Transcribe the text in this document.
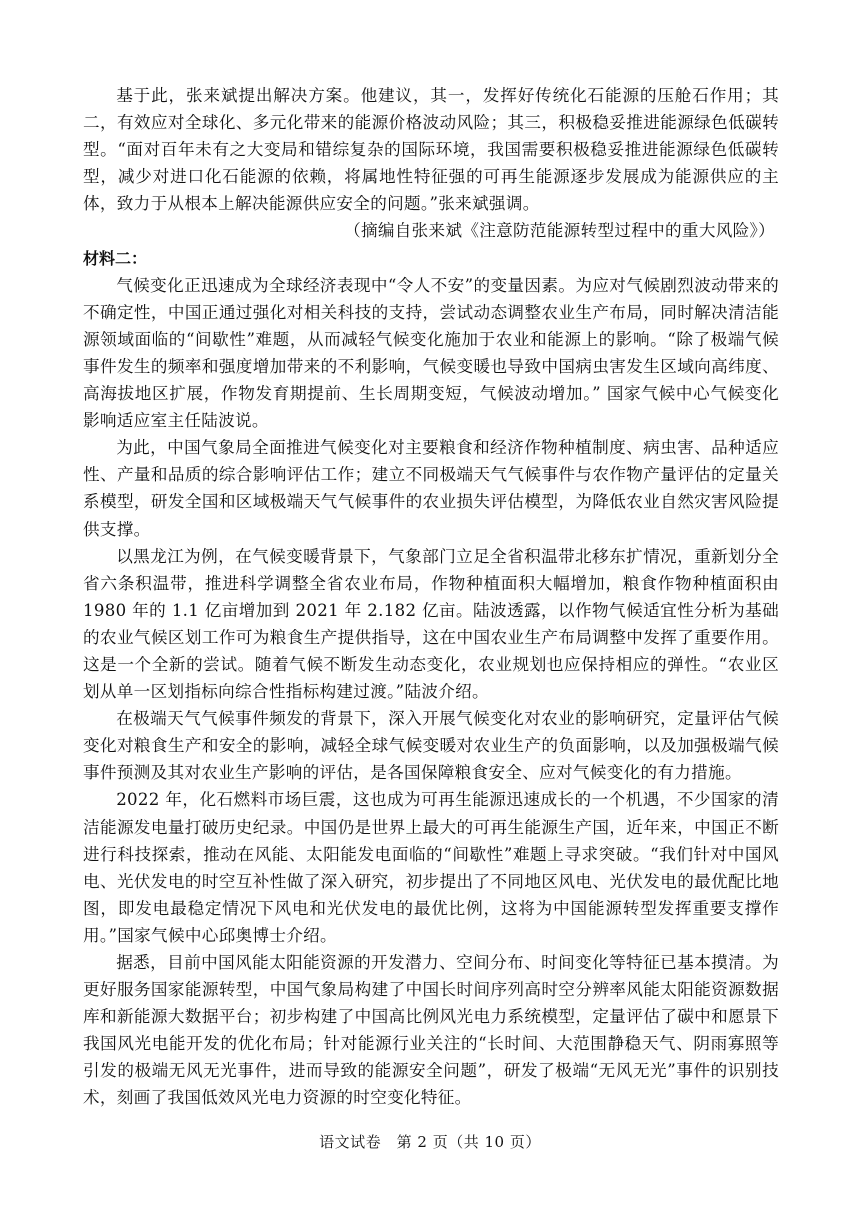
基于此，张来斌提出解决方案。他建议，其一，发挥好传统化石能源的压舱石作用；其二，有效应对全球化、多元化带来的能源价格波动风险；其三，积极稳妥推进能源绿色低碳转型。“面对百年未有之大变局和错综复杂的国际环境，我国需要积极稳妥推进能源绿色低碳转型，减少对进口化石能源的依赖，将属地性特征强的可再生能源逐步发展成为能源供应的主体，致力于从根本上解决能源供应安全的问题。”张来斌强调。

（摘编自张来斌《注意防范能源转型过程中的重大风险》）

材料二：

气候变化正迅速成为全球经济表现中“令人不安”的变量因素。为应对气候剧烈波动带来的不确定性，中国正通过强化对相关科技的支持，尝试动态调整农业生产布局，同时解决清洁能源领域面临的“间歇性”难题，从而减轻气候变化施加于农业和能源上的影响。“除了极端气候事件发生的频率和强度增加带来的不利影响，气候变暖也导致中国病虫害发生区域向高纬度、高海拔地区扩展，作物发育期提前、生长周期变短，气候波动增加。” 国家气候中心气候变化影响适应室主任陆波说。

为此，中国气象局全面推进气候变化对主要粮食和经济作物种植制度、病虫害、品种适应性、产量和品质的综合影响评估工作；建立不同极端天气气候事件与农作物产量评估的定量关系模型，研发全国和区域极端天气气候事件的农业损失评估模型，为降低农业自然灾害风险提供支撑。

以黑龙江为例，在气候变暖背景下，气象部门立足全省积温带北移东扩情况，重新划分全省六条积温带，推进科学调整全省农业布局，作物种植面积大幅增加，粮食作物种植面积由 1980 年的 1.1 亿亩增加到 2021 年 2.182 亿亩。陆波透露，以作物气候适宜性分析为基础的农业气候区划工作可为粮食生产提供指导，这在中国农业生产布局调整中发挥了重要作用。这是一个全新的尝试。随着气候不断发生动态变化，农业规划也应保持相应的弹性。“农业区划从单一区划指标向综合性指标构建过渡。”陆波介绍。

在极端天气气候事件频发的背景下，深入开展气候变化对农业的影响研究，定量评估气候变化对粮食生产和安全的影响，减轻全球气候变暖对农业生产的负面影响，以及加强极端气候事件预测及其对农业生产影响的评估，是各国保障粮食安全、应对气候变化的有力措施。

2022 年，化石燃料市场巨震，这也成为可再生能源迅速成长的一个机遇，不少国家的清洁能源发电量打破历史纪录。中国仍是世界上最大的可再生能源生产国，近年来，中国正不断进行科技探索，推动在风能、太阳能发电面临的“间歇性”难题上寻求突破。“我们针对中国风电、光伏发电的时空互补性做了深入研究，初步提出了不同地区风电、光伏发电的最优配比地图，即发电最稳定情况下风电和光伏发电的最优比例，这将为中国能源转型发挥重要支撑作用。”国家气候中心邱奥博士介绍。

据悉，目前中国风能太阳能资源的开发潜力、空间分布、时间变化等特征已基本摸清。为更好服务国家能源转型，中国气象局构建了中国长时间序列高时空分辨率风能太阳能资源数据库和新能源大数据平台；初步构建了中国高比例风光电力系统模型，定量评估了碳中和愿景下我国风光电能开发的优化布局；针对能源行业关注的“长时间、大范围静稳天气、阴雨寡照等引发的极端无风无光事件，进而导致的能源安全问题”，研发了极端“无风无光”事件的识别技术，刻画了我国低效风光电力资源的时空变化特征。

语文试卷　第 2 页（共 10 页）
